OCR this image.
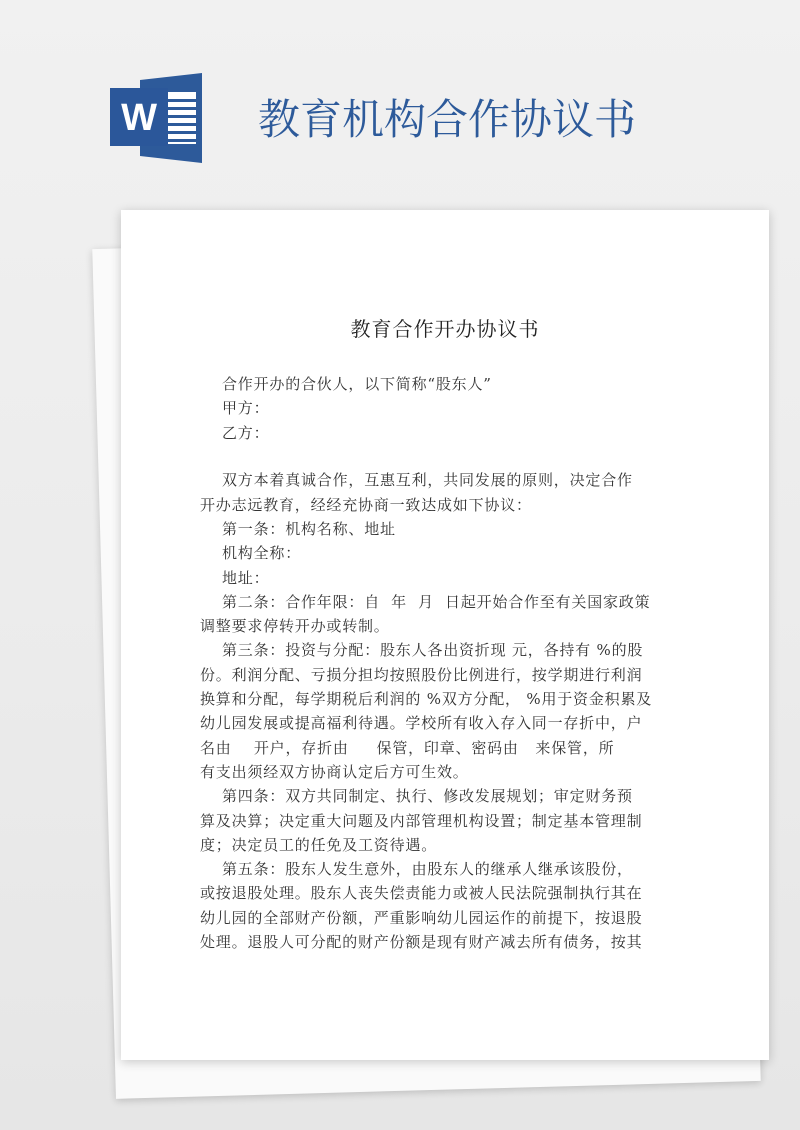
W 教育机构合作协议书
教育合作开办协议书
合作开办的合伙人，以下简称“股东人”
甲方：
乙方：
双方本着真诚合作，互惠互利，共同发展的原则，决定合作
开办志远教育，经经充协商一致达成如下协议：
第一条：机构名称、地址
机构全称：
地址：
第二条：合作年限：自  年  月  日起开始合作至有关国家政策
调整要求停转开办或转制。
第三条：投资与分配：股东人各出资折现 元，各持有 %的股
份。利润分配、亏损分担均按照股份比例进行，按学期进行利润
换算和分配，每学期税后利润的 %双方分配， %用于资金积累及
幼儿园发展或提高福利待遇。学校所有收入存入同一存折中，户
名由    开户，存折由     保管，印章、密码由   来保管，所
有支出须经双方协商认定后方可生效。
第四条：双方共同制定、执行、修改发展规划；审定财务预
算及决算；决定重大问题及内部管理机构设置；制定基本管理制
度；决定员工的任免及工资待遇。
第五条：股东人发生意外，由股东人的继承人继承该股份，
或按退股处理。股东人丧失偿责能力或被人民法院强制执行其在
幼儿园的全部财产份额，严重影响幼儿园运作的前提下，按退股
处理。退股人可分配的财产份额是现有财产减去所有债务，按其
